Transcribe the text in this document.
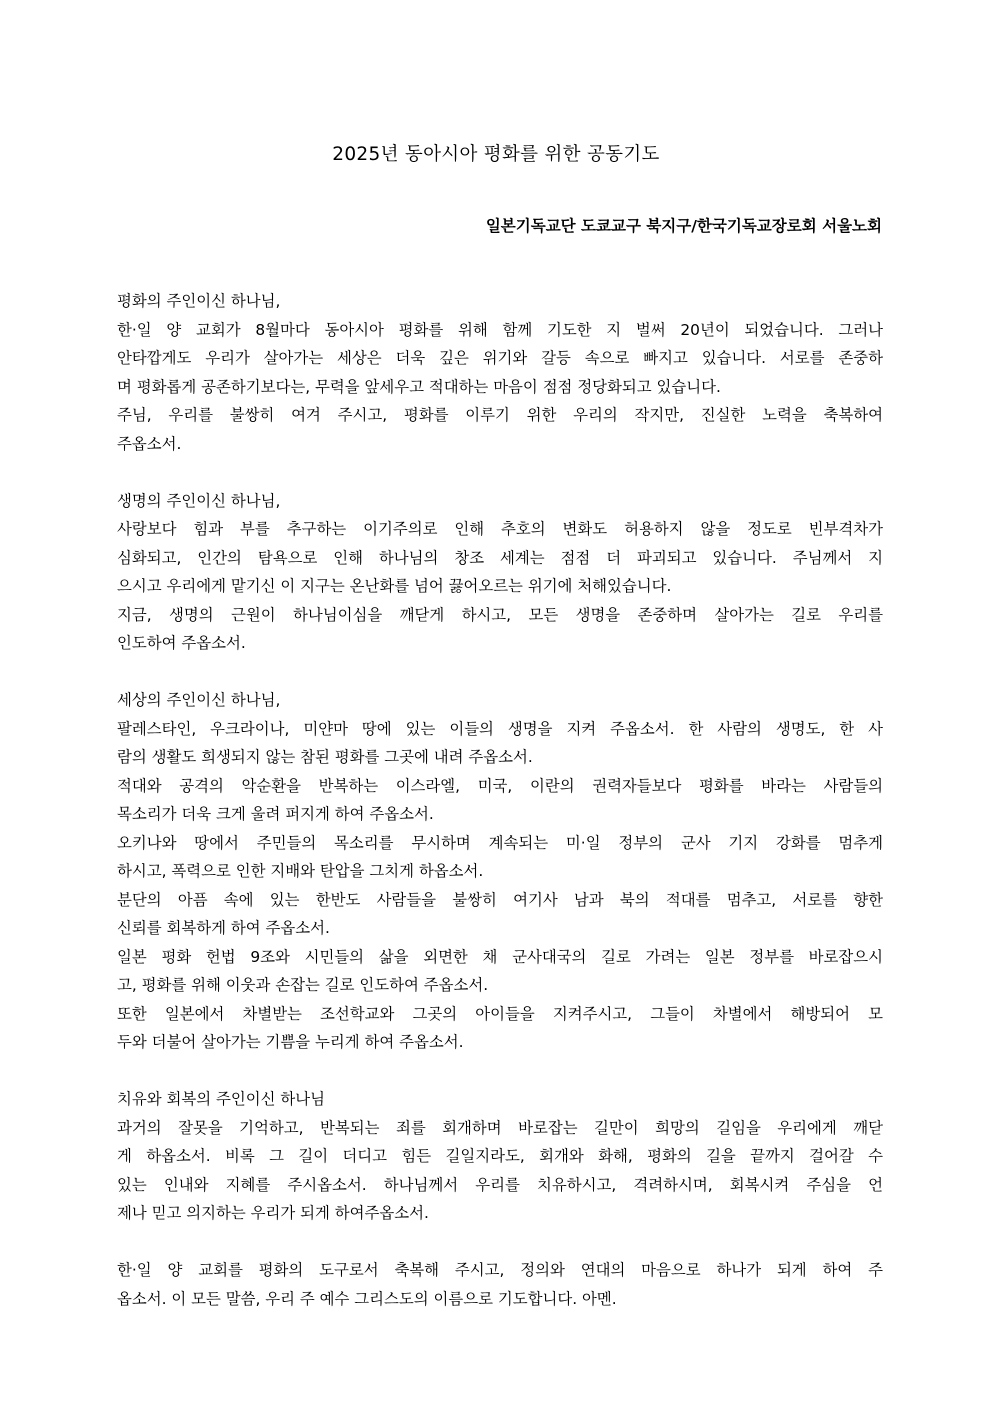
2025년 동아시아 평화를 위한 공동기도

일본기독교단 도쿄교구 북지구/한국기독교장로회 서울노회

평화의 주인이신 하나님,
한·일 양 교회가 8월마다 동아시아 평화를 위해 함께 기도한 지 벌써 20년이 되었습니다. 그러나
안타깝게도 우리가 살아가는 세상은 더욱 깊은 위기와 갈등 속으로 빠지고 있습니다. 서로를 존중하
며 평화롭게 공존하기보다는, 무력을 앞세우고 적대하는 마음이 점점 정당화되고 있습니다.
주님, 우리를 불쌍히 여겨 주시고, 평화를 이루기 위한 우리의 작지만, 진실한 노력을 축복하여
주옵소서.

생명의 주인이신 하나님,
사랑보다 힘과 부를 추구하는 이기주의로 인해 추호의 변화도 허용하지 않을 정도로 빈부격차가
심화되고, 인간의 탐욕으로 인해 하나님의 창조 세계는 점점 더 파괴되고 있습니다. 주님께서 지
으시고 우리에게 맡기신 이 지구는 온난화를 넘어 끓어오르는 위기에 처해있습니다.
지금, 생명의 근원이 하나님이심을 깨닫게 하시고, 모든 생명을 존중하며 살아가는 길로 우리를
인도하여 주옵소서.

세상의 주인이신 하나님,
팔레스타인, 우크라이나, 미얀마 땅에 있는 이들의 생명을 지켜 주옵소서. 한 사람의 생명도, 한 사
람의 생활도 희생되지 않는 참된 평화를 그곳에 내려 주옵소서.
적대와 공격의 악순환을 반복하는 이스라엘, 미국, 이란의 권력자들보다 평화를 바라는 사람들의
목소리가 더욱 크게 울려 퍼지게 하여 주옵소서.
오키나와 땅에서 주민들의 목소리를 무시하며 계속되는 미·일 정부의 군사 기지 강화를 멈추게
하시고, 폭력으로 인한 지배와 탄압을 그치게 하옵소서.
분단의 아픔 속에 있는 한반도 사람들을 불쌍히 여기사 남과 북의 적대를 멈추고, 서로를 향한
신뢰를 회복하게 하여 주옵소서.
일본 평화 헌법 9조와 시민들의 삶을 외면한 채 군사대국의 길로 가려는 일본 정부를 바로잡으시
고, 평화를 위해 이웃과 손잡는 길로 인도하여 주옵소서.
또한 일본에서 차별받는 조선학교와 그곳의 아이들을 지켜주시고, 그들이 차별에서 해방되어 모
두와 더불어 살아가는 기쁨을 누리게 하여 주옵소서.

치유와 회복의 주인이신 하나님
과거의 잘못을 기억하고, 반복되는 죄를 회개하며 바로잡는 길만이 희망의 길임을 우리에게 깨닫
게 하옵소서. 비록 그 길이 더디고 힘든 길일지라도, 회개와 화해, 평화의 길을 끝까지 걸어갈 수
있는 인내와 지혜를 주시옵소서. 하나님께서 우리를 치유하시고, 격려하시며, 회복시켜 주심을 언
제나 믿고 의지하는 우리가 되게 하여주옵소서.

한·일 양 교회를 평화의 도구로서 축복해 주시고, 정의와 연대의 마음으로 하나가 되게 하여 주
옵소서. 이 모든 말씀, 우리 주 예수 그리스도의 이름으로 기도합니다. 아멘.
